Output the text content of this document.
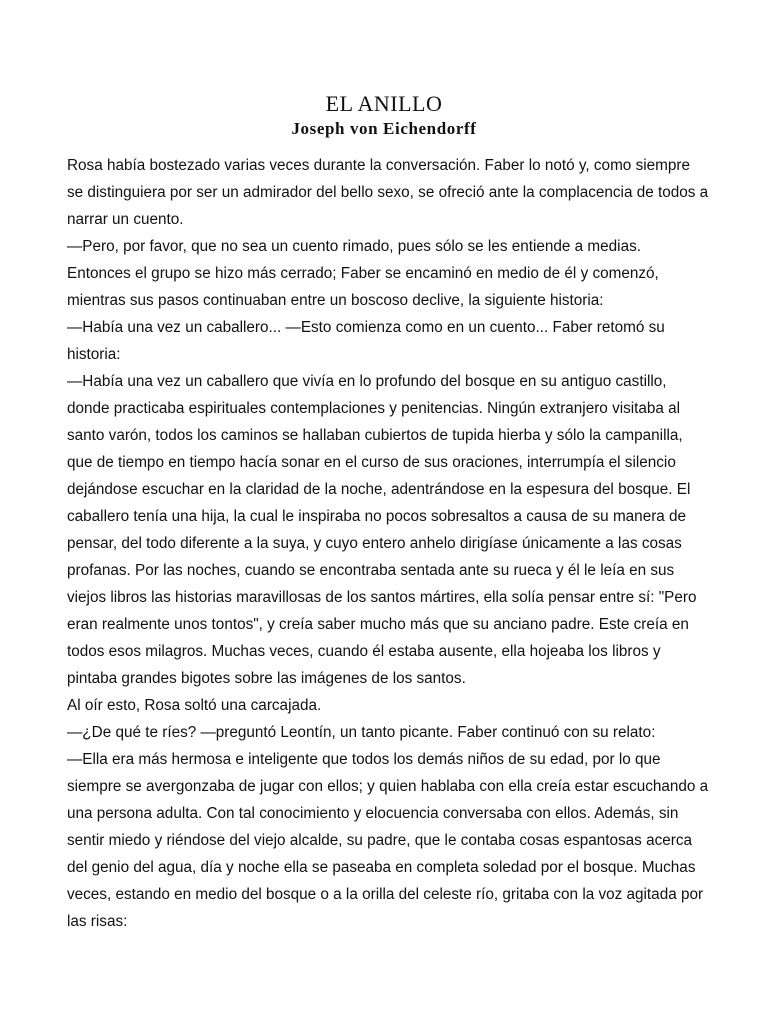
EL ANILLO
Joseph von Eichendorff
Rosa había bostezado varias veces durante la conversación. Faber lo notó y, como siempre
se distinguiera por ser un admirador del bello sexo, se ofreció ante la complacencia de todos a
narrar un cuento.
—Pero, por favor, que no sea un cuento rimado, pues sólo se les entiende a medias.
Entonces el grupo se hizo más cerrado; Faber se encaminó en medio de él y comenzó,
mientras sus pasos continuaban entre un boscoso declive, la siguiente historia:
—Había una vez un caballero... —Esto comienza como en un cuento... Faber retomó su
historia:
—Había una vez un caballero que vivía en lo profundo del bosque en su antiguo castillo,
donde practicaba espirituales contemplaciones y penitencias. Ningún extranjero visitaba al
santo varón, todos los caminos se hallaban cubiertos de tupida hierba y sólo la campanilla,
que de tiempo en tiempo hacía sonar en el curso de sus oraciones, interrumpía el silencio
dejándose escuchar en la claridad de la noche, adentrándose en la espesura del bosque. El
caballero tenía una hija, la cual le inspiraba no pocos sobresaltos a causa de su manera de
pensar, del todo diferente a la suya, y cuyo entero anhelo dirigíase únicamente a las cosas
profanas. Por las noches, cuando se encontraba sentada ante su rueca y él le leía en sus
viejos libros las historias maravillosas de los santos mártires, ella solía pensar entre sí: "Pero
eran realmente unos tontos", y creía saber mucho más que su anciano padre. Este creía en
todos esos milagros. Muchas veces, cuando él estaba ausente, ella hojeaba los libros y
pintaba grandes bigotes sobre las imágenes de los santos.
Al oír esto, Rosa soltó una carcajada.
—¿De qué te ríes? —preguntó Leontín, un tanto picante. Faber continuó con su relato:
—Ella era más hermosa e inteligente que todos los demás niños de su edad, por lo que
siempre se avergonzaba de jugar con ellos; y quien hablaba con ella creía estar escuchando a
una persona adulta. Con tal conocimiento y elocuencia conversaba con ellos. Además, sin
sentir miedo y riéndose del viejo alcalde, su padre, que le contaba cosas espantosas acerca
del genio del agua, día y noche ella se paseaba en completa soledad por el bosque. Muchas
veces, estando en medio del bosque o a la orilla del celeste río, gritaba con la voz agitada por
las risas:
